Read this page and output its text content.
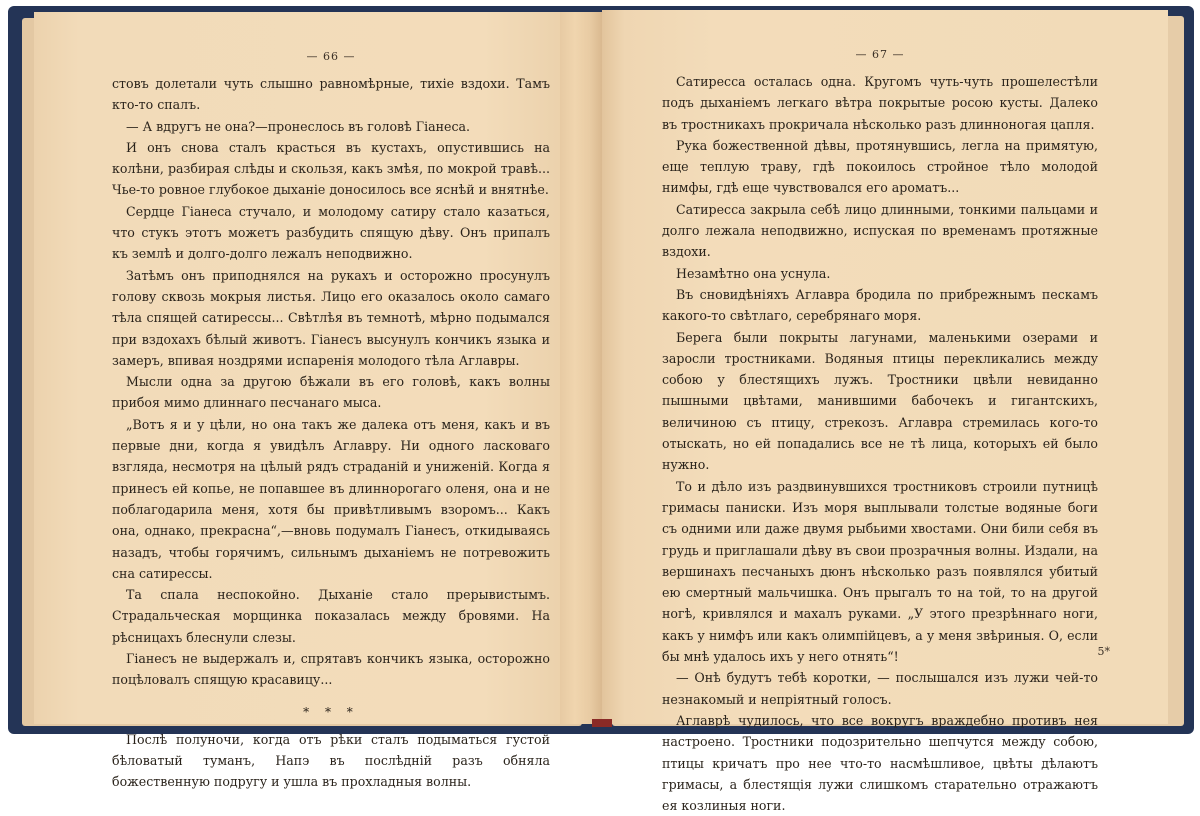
— 66 —

стовъ долетали чуть слышно равномѣрные, тихіе вздохи. Тамъ кто-то спалъ.

— А вдругъ не она?—пронеслось въ головѣ Гіанеса.

И онъ снова сталъ красться въ кустахъ, опустившись на колѣни, разбирая слѣды и скользя, какъ змѣя, по мокрой травѣ... Чье-то ровное глубокое дыханіе доносилось все яснѣй и внятнѣе.

Сердце Гіанеса стучало, и молодому сатиру стало казаться, что стукъ этотъ можетъ разбудить спящую дѣву. Онъ припалъ къ землѣ и долго-долго лежалъ неподвижно.

Затѣмъ онъ приподнялся на рукахъ и осторожно просунулъ голову сквозь мокрыя листья. Лицо его оказалось около самаго тѣла спящей сатирессы... Свѣтлѣя въ темнотѣ, мѣрно подымался при вздохахъ бѣлый животъ. Гіанесъ высунулъ кончикъ языка и замеръ, впивая ноздрями испаренія молодого тѣла Аглавры.

Мысли одна за другою бѣжали въ его головѣ, какъ волны прибоя мимо длиннаго песчанаго мыса.

„Вотъ я и у цѣли, но она такъ же далека отъ меня, какъ и въ первые дни, когда я увидѣлъ Аглавру. Ни одного ласковаго взгляда, несмотря на цѣлый рядъ страданій и униженій. Когда я принесъ ей копье, не попавшее въ длиннорогаго оленя, она и не поблагодарила меня, хотя бы привѣтливымъ взоромъ... Какъ она, однако, прекрасна“,—вновь подумалъ Гіанесъ, откидываясь назадъ, чтобы горячимъ, сильнымъ дыханіемъ не потревожить сна сатирессы.

Та спала неспокойно. Дыханіе стало прерывистымъ. Страдальческая морщинка показалась между бровями. На рѣсницахъ блеснули слезы.

Гіанесъ не выдержалъ и, спрятавъ кончикъ языка, осторожно поцѣловалъ спящую красавицу...

* * *

Послѣ полуночи, когда отъ рѣки сталъ подыматься густой бѣловатый туманъ, Напэ въ послѣдній разъ обняла божественную подругу и ушла въ прохладныя волны.

— 67 —

Сатиресса осталась одна. Кругомъ чуть-чуть прошелестѣли подъ дыханіемъ легкаго вѣтра покрытые росою кусты. Далеко въ тростникахъ прокричала нѣсколько разъ длинноногая цапля.

Рука божественной дѣвы, протянувшись, легла на примятую, еще теплую траву, гдѣ покоилось стройное тѣло молодой нимфы, гдѣ еще чувствовался его ароматъ...

Сатиресса закрыла себѣ лицо длинными, тонкими пальцами и долго лежала неподвижно, испуская по временамъ протяжные вздохи.

Незамѣтно она уснула.

Въ сновидѣніяхъ Аглавра бродила по прибрежнымъ пескамъ какого-то свѣтлаго, серебрянаго моря.

Берега были покрыты лагунами, маленькими озерами и заросли тростниками. Водяныя птицы перекликались между собою у блестящихъ лужъ. Тростники цвѣли невиданно пышными цвѣтами, манившими бабочекъ и гигантскихъ, величиною съ птицу, стрекозъ. Аглавра стремилась кого-то отыскать, но ей попадались все не тѣ лица, которыхъ ей было нужно.

То и дѣло изъ раздвинувшихся тростниковъ строили путницѣ гримасы паниски. Изъ моря выплывали толстые водяные боги съ одними или даже двумя рыбьими хвостами. Они били себя въ грудь и приглашали дѣву въ свои прозрачныя волны. Издали, на вершинахъ песчаныхъ дюнъ нѣсколько разъ появлялся убитый ею смертный мальчишка. Онъ прыгалъ то на той, то на другой ногѣ, кривлялся и махалъ руками. „У этого презрѣннаго ноги, какъ у нимфъ или какъ олимпійцевъ, а у меня звѣриныя. О, если бы мнѣ удалось ихъ у него отнять“!

— Онѣ будутъ тебѣ коротки, — послышался изъ лужи чей-то незнакомый и непріятный голосъ.

Аглаврѣ чудилось, что все вокругъ враждебно противъ нея настроено. Тростники подозрительно шепчутся между собою, птицы кричатъ про нее что-то насмѣшливое, цвѣты дѣлаютъ гримасы, а блестящія лужи слишкомъ старательно отражаютъ ея козлиныя ноги.

5*
